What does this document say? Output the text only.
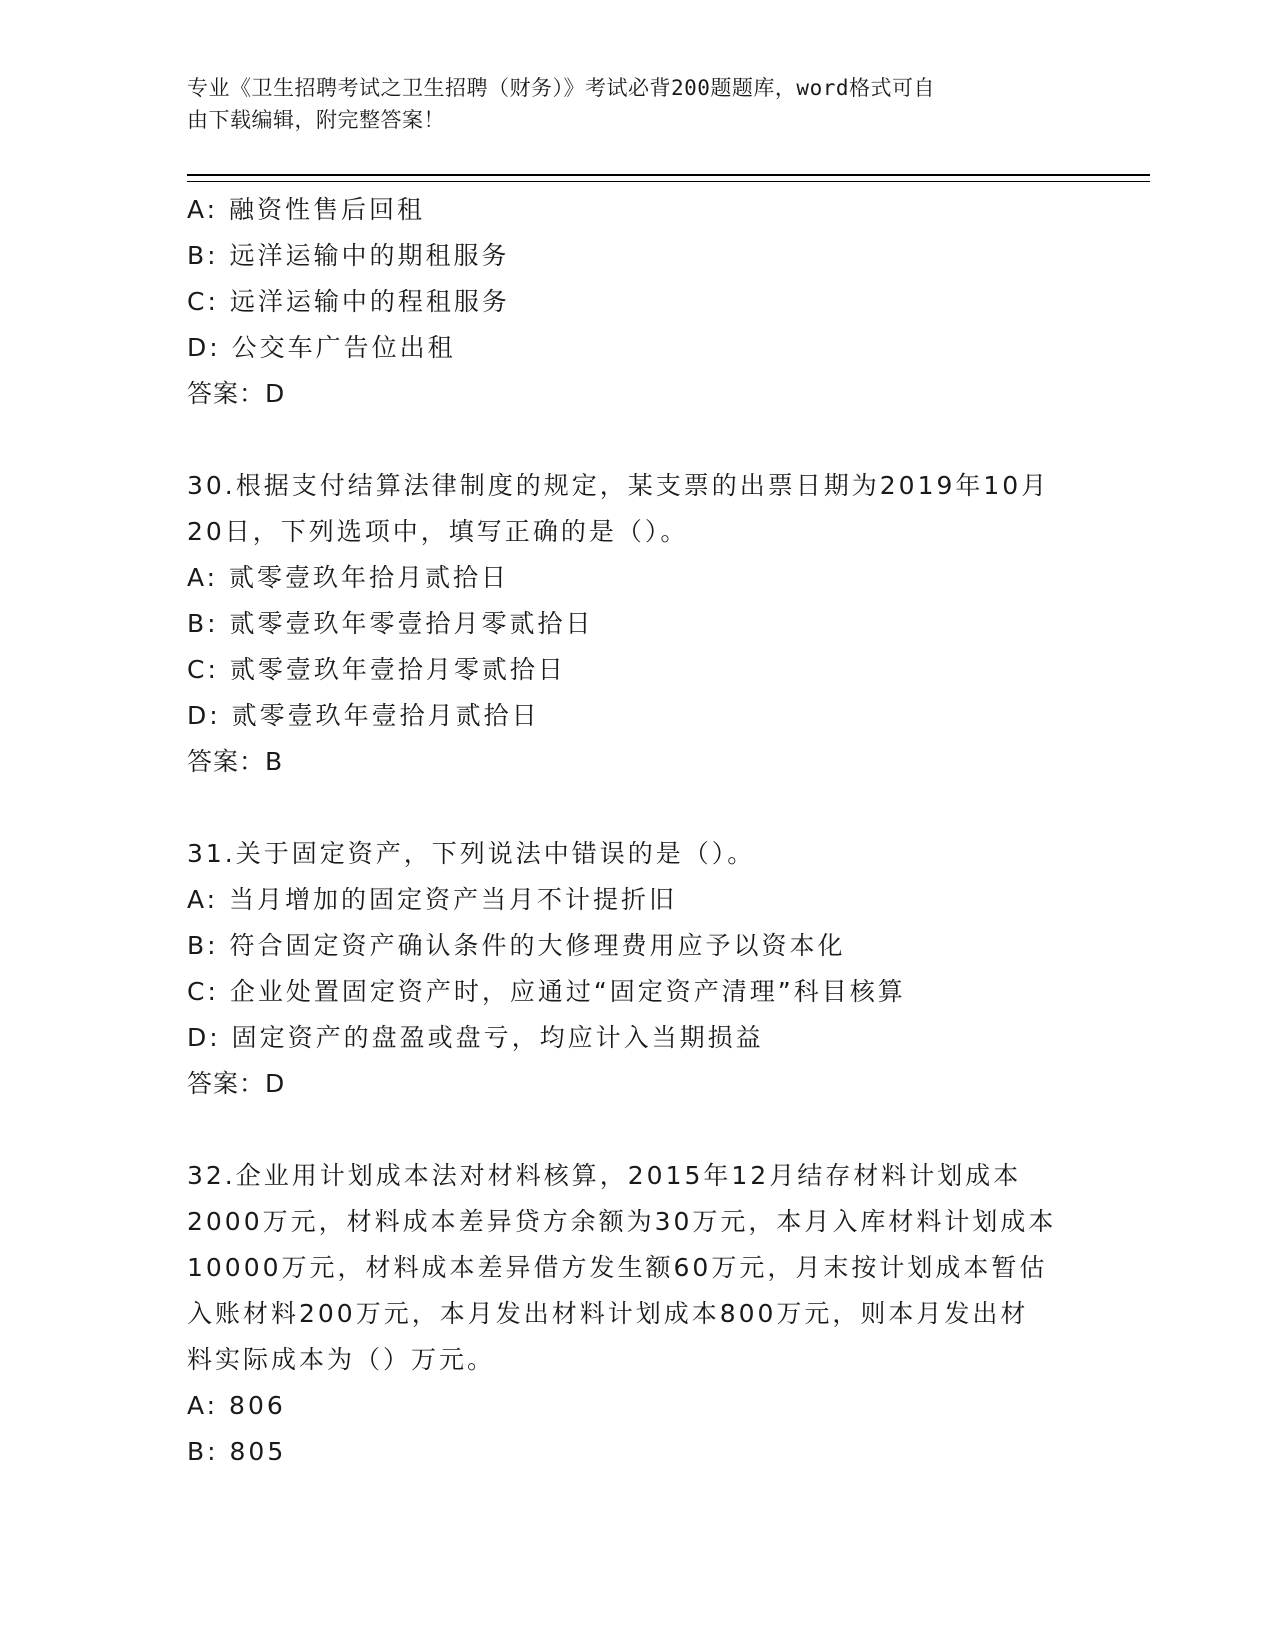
专业《卫生招聘考试之卫生招聘（财务）》考试必背200题题库，word格式可自
由下载编辑，附完整答案！
A: 融资性售后回租
B: 远洋运输中的期租服务
C: 远洋运输中的程租服务
D: 公交车广告位出租
答案：D
30.根据支付结算法律制度的规定，某支票的出票日期为2019年10月
20日，下列选项中，填写正确的是（）。
A: 贰零壹玖年拾月贰拾日
B: 贰零壹玖年零壹拾月零贰拾日
C: 贰零壹玖年壹拾月零贰拾日
D: 贰零壹玖年壹拾月贰拾日
答案：B
31.关于固定资产，下列说法中错误的是（）。
A: 当月增加的固定资产当月不计提折旧
B: 符合固定资产确认条件的大修理费用应予以资本化
C: 企业处置固定资产时，应通过“固定资产清理”科目核算
D: 固定资产的盘盈或盘亏，均应计入当期损益
答案：D
32.企业用计划成本法对材料核算，2015年12月结存材料计划成本
2000万元，材料成本差异贷方余额为30万元，本月入库材料计划成本
10000万元，材料成本差异借方发生额60万元，月末按计划成本暂估
入账材料200万元，本月发出材料计划成本800万元，则本月发出材
料实际成本为（）万元。
A: 806
B: 805
